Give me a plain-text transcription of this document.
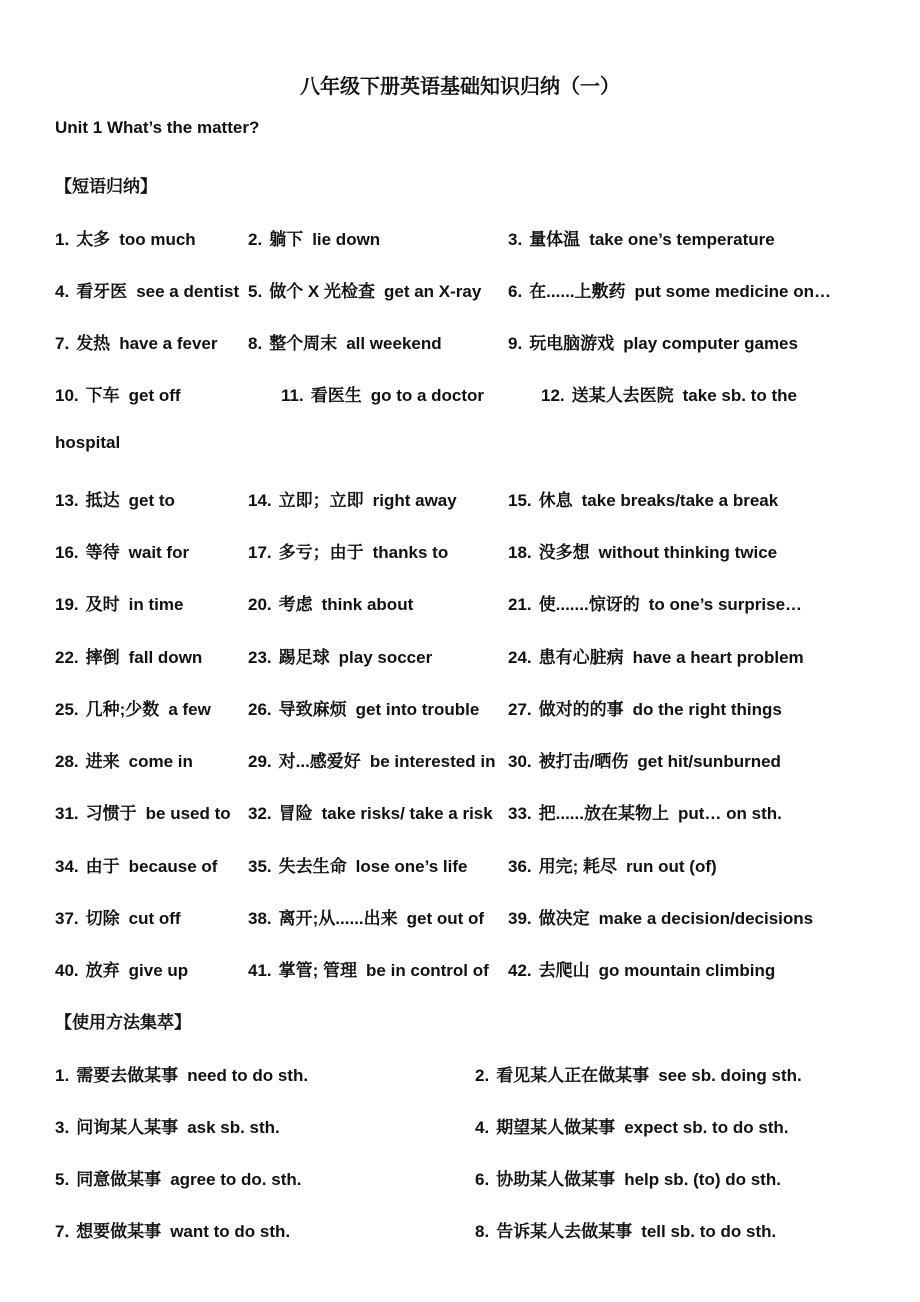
八年级下册英语基础知识归纳（一）
Unit 1 What’s the matter?
【短语归纳】
1. 太多 too much	2. 躺下 lie down	3. 量体温 take one’s temperature
4. 看牙医 see a dentist 5. 做个 X 光检查 get an X-ray 6. 在......上敷药 put some medicine on…
7. 发热 have a fever 8. 整个周末 all weekend	9. 玩电脑游戏 play computer games
10. 下车 get off	11. 看医生 go to a doctor	12. 送某人去医院 take sb. to the
hospital
13. 抵达 get to	14. 立即；立即 right away	15. 休息 take breaks/take a break
16. 等待 wait for	17. 多亏；由于 thanks to	18. 没多想 without thinking twice
19. 及时 in time	20. 考虑 think about	21. 使.......惊讶的 to one’s surprise…
22. 摔倒 fall down	23. 踢足球 play soccer	24. 患有心脏病 have a heart problem
25. 几种;少数 a few 26. 导致麻烦 get into trouble 27. 做对的的事 do the right things
28. 进来 come in	29. 对...感爱好 be interested in 30. 被打击/晒伤 get hit/sunburned
31. 习惯于 be used to 32. 冒险 take risks/ take a risk 33. 把......放在某物上 put… on sth.
34. 由于 because of 35. 失去生命 lose one’s life 36. 用完; 耗尽 run out (of)
37. 切除 cut off	38. 离开;从......出来 get out of 39. 做决定 make a decision/decisions
40. 放弃 give up	41. 掌管; 管理 be in control of 42. 去爬山 go mountain climbing
【使用方法集萃】
1. 需要去做某事 need to do sth.	2. 看见某人正在做某事 see sb. doing sth.
3. 问询某人某事 ask sb. sth.	4. 期望某人做某事 expect sb. to do sth.
5. 同意做某事 agree to do. sth.	6. 协助某人做某事 help sb. (to) do sth.
7. 想要做某事 want to do sth.	8. 告诉某人去做某事 tell sb. to do sth.
